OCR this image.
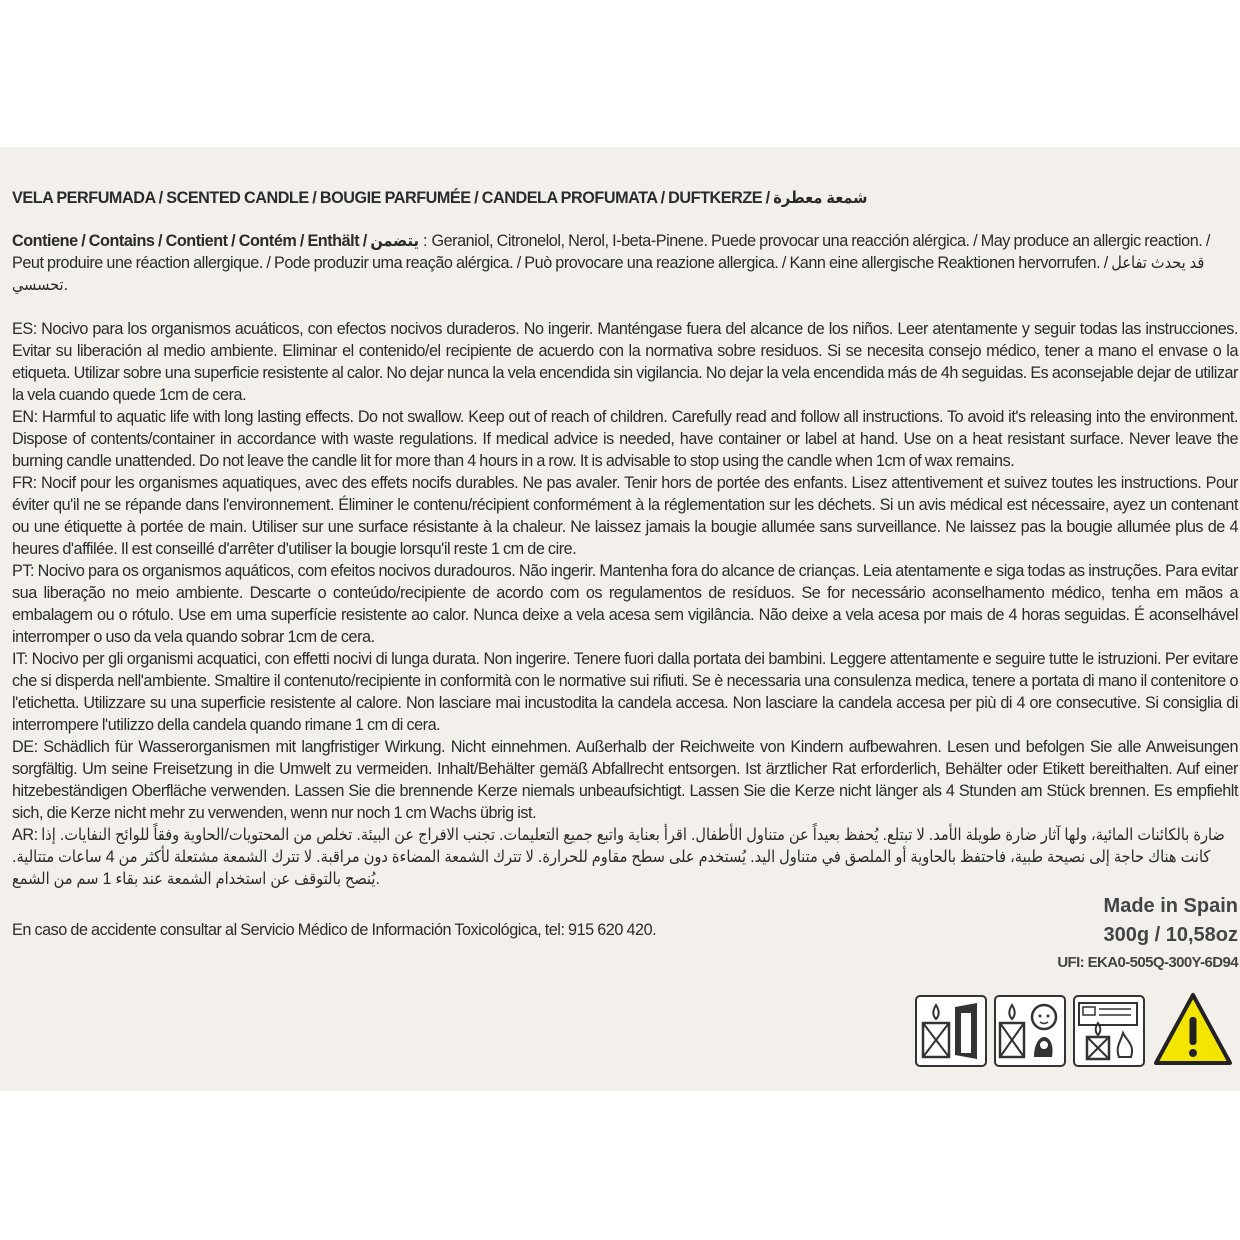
VELA PERFUMADA / SCENTED CANDLE / BOUGIE PARFUMÉE / CANDELA PROFUMATA / DUFTKERZE / شمعة معطرة
Contiene / Contains / Contient / Contém / Enthält / يتضمن : Geraniol, Citronelol, Nerol, I-beta-Pinene. Puede provocar una reacción alérgica. / May produce an allergic reaction. / Peut produire une réaction allergique. / Pode produzir uma reação alérgica. / Può provocare una reazione allergica. / Kann eine allergische Reaktionen hervorrufen. / قد يحدث تفاعل تحسسي.

ES: Nocivo para los organismos acuáticos, con efectos nocivos duraderos. No ingerir. Manténgase fuera del alcance de los niños. Leer atentamente y seguir todas las instrucciones. Evitar su liberación al medio ambiente. Eliminar el contenido/el recipiente de acuerdo con la normativa sobre residuos. Si se necesita consejo médico, tener a mano el envase o la etiqueta. Utilizar sobre una superficie resistente al calor. No dejar nunca la vela encendida sin vigilancia. No dejar la vela encendida más de 4h seguidas. Es aconsejable dejar de utilizar la vela cuando quede 1cm de cera.

EN: Harmful to aquatic life with long lasting effects. Do not swallow. Keep out of reach of children. Carefully read and follow all instructions. To avoid it's releasing into the environment. Dispose of contents/container in accordance with waste regulations. If medical advice is needed, have container or label at hand. Use on a heat resistant surface. Never leave the burning candle unattended. Do not leave the candle lit for more than 4 hours in a row. It is advisable to stop using the candle when 1cm of wax remains.

FR: Nocif pour les organismes aquatiques, avec des effets nocifs durables. Ne pas avaler. Tenir hors de portée des enfants. Lisez attentivement et suivez toutes les instructions. Pour éviter qu'il ne se répande dans l'environnement. Éliminer le contenu/récipient conformément à la réglementation sur les déchets. Si un avis médical est nécessaire, ayez un contenant ou une étiquette à portée de main. Utiliser sur une surface résistante à la chaleur. Ne laissez jamais la bougie allumée sans surveillance. Ne laissez pas la bougie allumée plus de 4 heures d'affilée. Il est conseillé d'arrêter d'utiliser la bougie lorsqu'il reste 1 cm de cire.

PT: Nocivo para os organismos aquáticos, com efeitos nocivos duradouros. Não ingerir. Mantenha fora do alcance de crianças. Leia atentamente e siga todas as instruções. Para evitar sua liberação no meio ambiente. Descarte o conteúdo/recipiente de acordo com os regulamentos de resíduos. Se for necessário aconselhamento médico, tenha em mãos a embalagem ou o rótulo. Use em uma superfície resistente ao calor. Nunca deixe a vela acesa sem vigilância. Não deixe a vela acesa por mais de 4 horas seguidas. É aconselhável interromper o uso da vela quando sobrar 1cm de cera.

IT: Nocivo per gli organismi acquatici, con effetti nocivi di lunga durata. Non ingerire. Tenere fuori dalla portata dei bambini. Leggere attentamente e seguire tutte le istruzioni. Per evitare che si disperda nell'ambiente. Smaltire il contenuto/recipiente in conformità con le normative sui rifiuti. Se è necessaria una consulenza medica, tenere a portata di mano il contenitore o l'etichetta. Utilizzare su una superficie resistente al calore. Non lasciare mai incustodita la candela accesa. Non lasciare la candela accesa per più di 4 ore consecutive. Si consiglia di interrompere l'utilizzo della candela quando rimane 1 cm di cera.

DE: Schädlich für Wasserorganismen mit langfristiger Wirkung. Nicht einnehmen. Außerhalb der Reichweite von Kindern aufbewahren. Lesen und befolgen Sie alle Anweisungen sorgfältig. Um seine Freisetzung in die Umwelt zu vermeiden. Inhalt/Behälter gemäß Abfallrecht entsorgen. Ist ärztlicher Rat erforderlich, Behälter oder Etikett bereithalten. Auf einer hitzebeständigen Oberfläche verwenden. Lassen Sie die brennende Kerze niemals unbeaufsichtigt. Lassen Sie die Kerze nicht länger als 4 Stunden am Stück brennen. Es empfiehlt sich, die Kerze nicht mehr zu verwenden, wenn nur noch 1 cm Wachs übrig ist.

AR: ضارة بالكائنات المائية، ولها آثار ضارة طويلة الأمد. لا تبتلع. يُحفظ بعيداً عن متناول الأطفال. اقرأ بعناية واتبع جميع التعليمات. تجنب الافراج عن البيئة. تخلص من المحتويات/الحاوية وفقاً للوائح النفايات. إذا كانت هناك حاجة إلى نصيحة طبية، فاحتفظ بالحاوية أو الملصق في متناول اليد. يُستخدم على سطح مقاوم للحرارة. لا تترك الشمعة المضاءة دون مراقبة. لا تترك الشمعة مشتعلة لأكثر من 4 ساعات متتالية. يُنصح بالتوقف عن استخدام الشمعة عند بقاء 1 سم من الشمع.

En caso de accidente consultar al Servicio Médico de Información Toxicológica, tel: 915 620 420.
Made in Spain
300g / 10,58oz
UFI: EKA0-505Q-300Y-6D94
